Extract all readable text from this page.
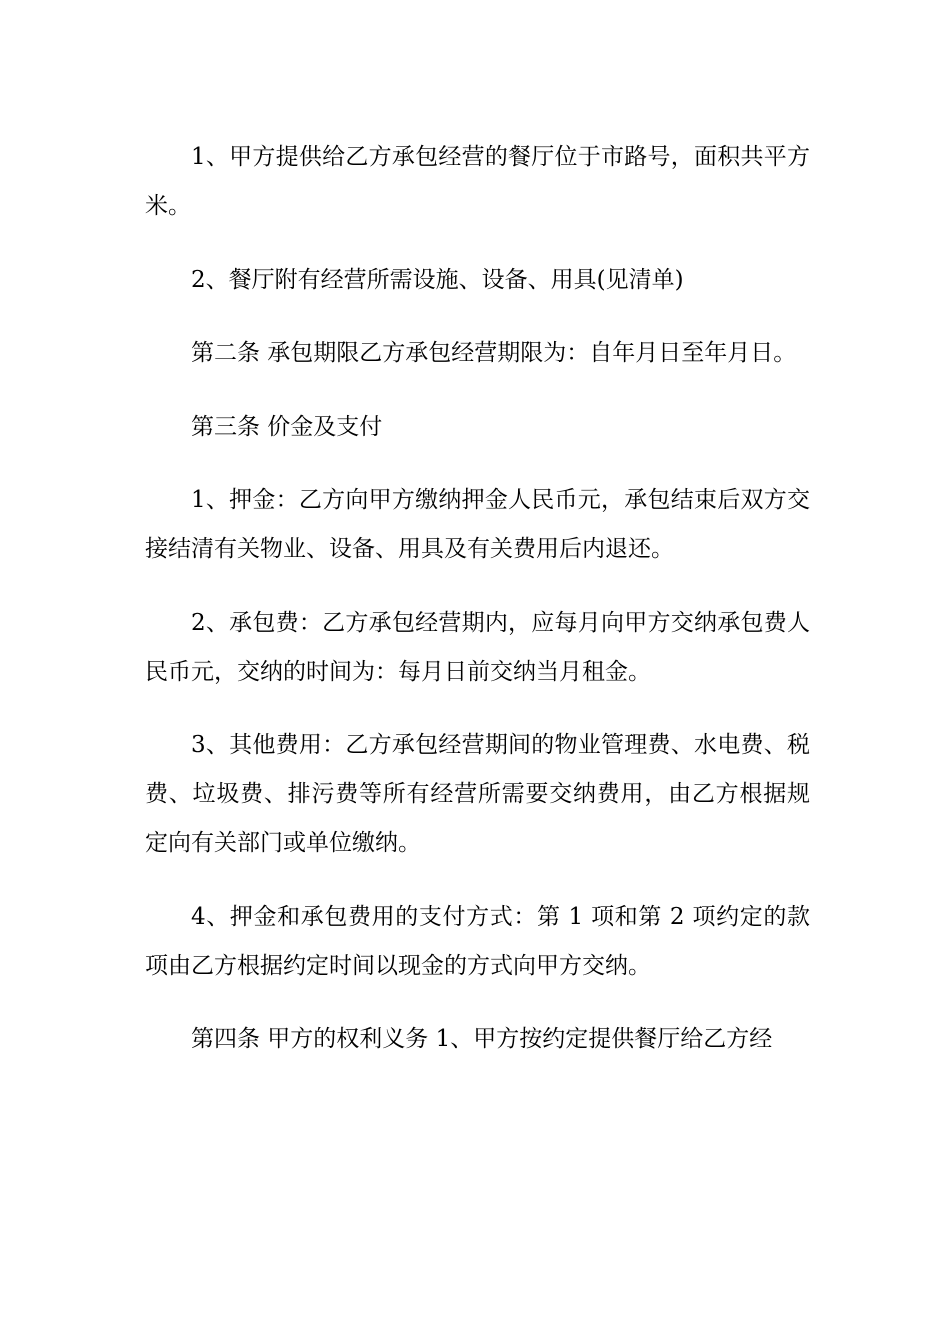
1、甲方提供给乙方承包经营的餐厅位于市路号，面积共平方米。

2、餐厅附有经营所需设施、设备、用具(见清单)

第二条 承包期限乙方承包经营期限为：自年月日至年月日。

第三条 价金及支付

1、押金：乙方向甲方缴纳押金人民币元，承包结束后双方交接结清有关物业、设备、用具及有关费用后内退还。

2、承包费：乙方承包经营期内，应每月向甲方交纳承包费人民币元，交纳的时间为：每月日前交纳当月租金。

3、其他费用：乙方承包经营期间的物业管理费、水电费、税费、垃圾费、排污费等所有经营所需要交纳费用，由乙方根据规定向有关部门或单位缴纳。

4、押金和承包费用的支付方式：第 1 项和第 2 项约定的款项由乙方根据约定时间以现金的方式向甲方交纳。

第四条 甲方的权利义务 1、甲方按约定提供餐厅给乙方经
